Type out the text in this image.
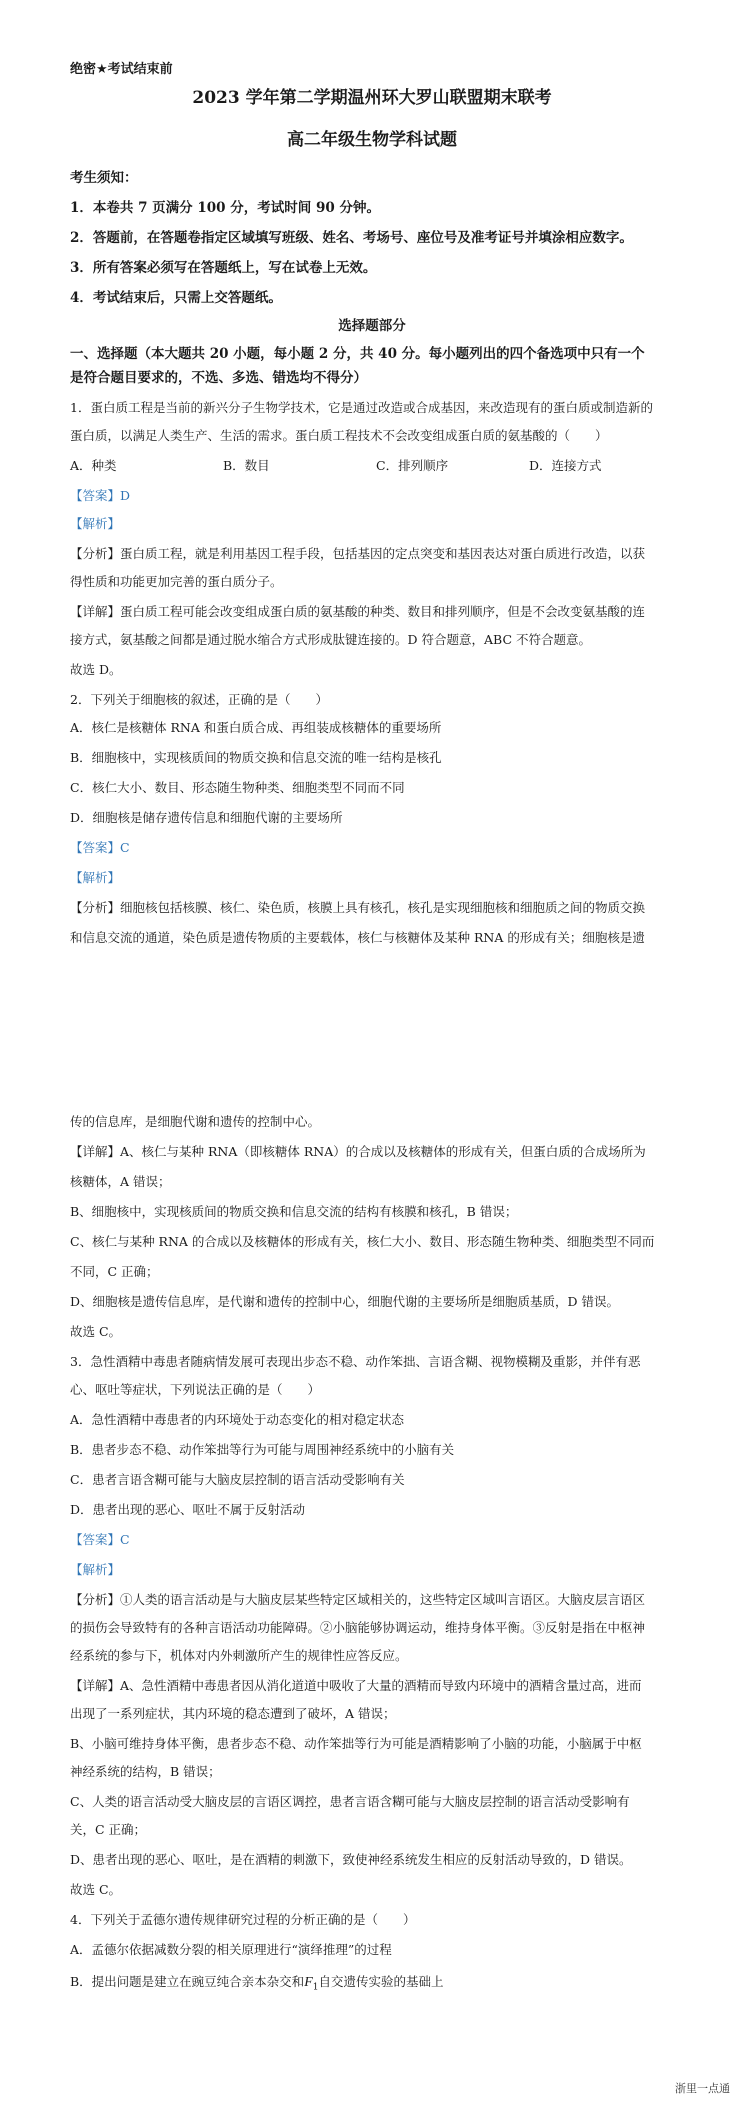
绝密★考试结束前
2023 学年第二学期温州环大罗山联盟期末联考
高二年级生物学科试题
考生须知：
1．本卷共 7 页满分 100 分，考试时间 90 分钟。
2．答题前，在答题卷指定区域填写班级、姓名、考场号、座位号及准考证号并填涂相应数字。
3．所有答案必须写在答题纸上，写在试卷上无效。
4．考试结束后，只需上交答题纸。
选择题部分
一、选择题（本大题共 20 小题，每小题 2 分，共 40 分。每小题列出的四个备选项中只有一个
是符合题目要求的，不选、多选、错选均不得分）
1．蛋白质工程是当前的新兴分子生物学技术，它是通过改造或合成基因，来改造现有的蛋白质或制造新的
蛋白质，以满足人类生产、生活的需求。蛋白质工程技术不会改变组成蛋白质的氨基酸的（　　）
A．种类	B．数目	C．排列顺序	D．连接方式
【答案】D
【解析】
【分析】蛋白质工程，就是利用基因工程手段，包括基因的定点突变和基因表达对蛋白质进行改造，以获
得性质和功能更加完善的蛋白质分子。
【详解】蛋白质工程可能会改变组成蛋白质的氨基酸的种类、数目和排列顺序，但是不会改变氨基酸的连
接方式，氨基酸之间都是通过脱水缩合方式形成肽键连接的。D 符合题意，ABC 不符合题意。
故选 D。
2．下列关于细胞核的叙述，正确的是（　　）
A．核仁是核糖体 RNA 和蛋白质合成、再组装成核糖体的重要场所
B．细胞核中，实现核质间的物质交换和信息交流的唯一结构是核孔
C．核仁大小、数目、形态随生物种类、细胞类型不同而不同
D．细胞核是储存遗传信息和细胞代谢的主要场所
【答案】C
【解析】
【分析】细胞核包括核膜、核仁、染色质，核膜上具有核孔，核孔是实现细胞核和细胞质之间的物质交换
和信息交流的通道，染色质是遗传物质的主要载体，核仁与核糖体及某种 RNA 的形成有关；细胞核是遗
传的信息库，是细胞代谢和遗传的控制中心。
【详解】A、核仁与某种 RNA（即核糖体 RNA）的合成以及核糖体的形成有关，但蛋白质的合成场所为
核糖体，A 错误；
B、细胞核中，实现核质间的物质交换和信息交流的结构有核膜和核孔，B 错误；
C、核仁与某种 RNA 的合成以及核糖体的形成有关，核仁大小、数目、形态随生物种类、细胞类型不同而
不同，C 正确；
D、细胞核是遗传信息库，是代谢和遗传的控制中心，细胞代谢的主要场所是细胞质基质，D 错误。
故选 C。
3．急性酒精中毒患者随病情发展可表现出步态不稳、动作笨拙、言语含糊、视物模糊及重影，并伴有恶
心、呕吐等症状，下列说法正确的是（　　）
A．急性酒精中毒患者的内环境处于动态变化的相对稳定状态
B．患者步态不稳、动作笨拙等行为可能与周围神经系统中的小脑有关
C．患者言语含糊可能与大脑皮层控制的语言活动受影响有关
D．患者出现的恶心、呕吐不属于反射活动
【答案】C
【解析】
【分析】①人类的语言活动是与大脑皮层某些特定区域相关的，这些特定区域叫言语区。大脑皮层言语区
的损伤会导致特有的各种言语活动功能障碍。②小脑能够协调运动，维持身体平衡。③反射是指在中枢神
经系统的参与下，机体对内外刺激所产生的规律性应答反应。
【详解】A、急性酒精中毒患者因从消化道道中吸收了大量的酒精而导致内环境中的酒精含量过高，进而
出现了一系列症状，其内环境的稳态遭到了破坏，A 错误；
B、小脑可维持身体平衡，患者步态不稳、动作笨拙等行为可能是酒精影响了小脑的功能，小脑属于中枢
神经系统的结构，B 错误；
C、人类的语言活动受大脑皮层的言语区调控，患者言语含糊可能与大脑皮层控制的语言活动受影响有
关，C 正确；
D、患者出现的恶心、呕吐，是在酒精的刺激下，致使神经系统发生相应的反射活动导致的，D 错误。
故选 C。
4．下列关于孟德尔遗传规律研究过程的分析正确的是（　　）
A．孟德尔依据减数分裂的相关原理进行“演绎推理”的过程
B．提出问题是建立在豌豆纯合亲本杂交和$F_1$自交遗传实验的基础上
浙里一点通
